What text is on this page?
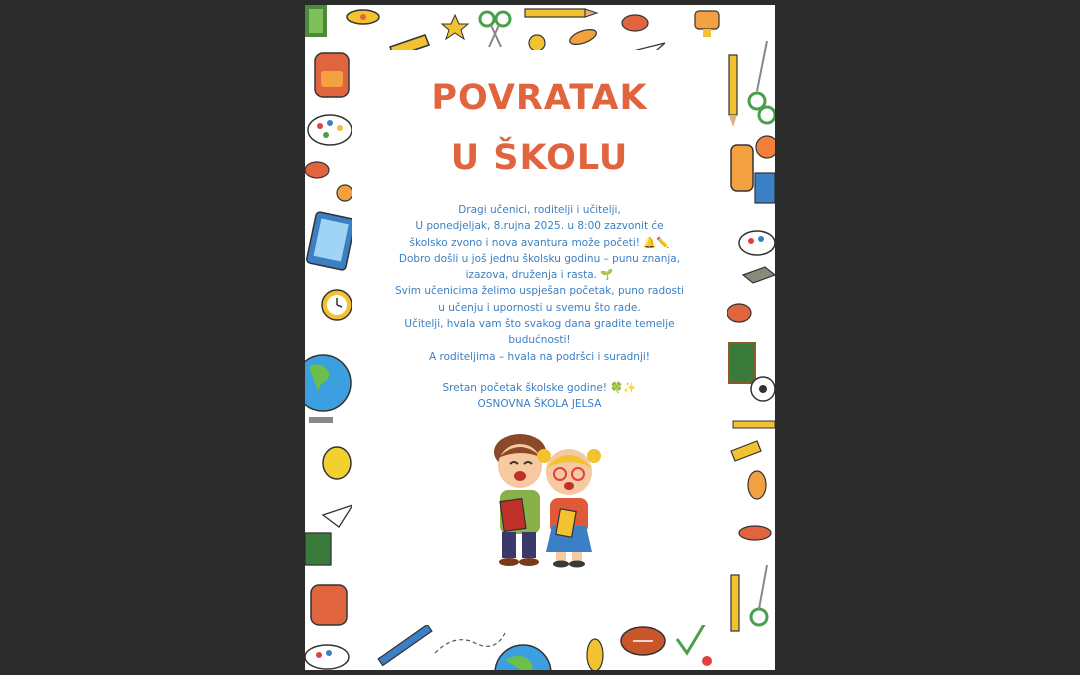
POVRATAK
U ŠKOLU

Dragi učenici, roditelji i učitelji,
U ponedjeljak, 8.rujna 2025. u 8:00 zazvonit će
školsko zvono i nova avantura može početi! 🔔✏️
Dobro došli u još jednu školsku godinu – punu znanja,
izazova, druženja i rasta. 🌱
Svim učenicima želimo uspješan početak, puno radosti
u učenju i upornosti u svemu što rade.
Učitelji, hvala vam što svakog dana gradite temelje
budućnosti!
A roditeljima – hvala na podršci i suradnji!

Sretan početak školske godine! 🍀✨
OSNOVNA ŠKOLA JELSA
